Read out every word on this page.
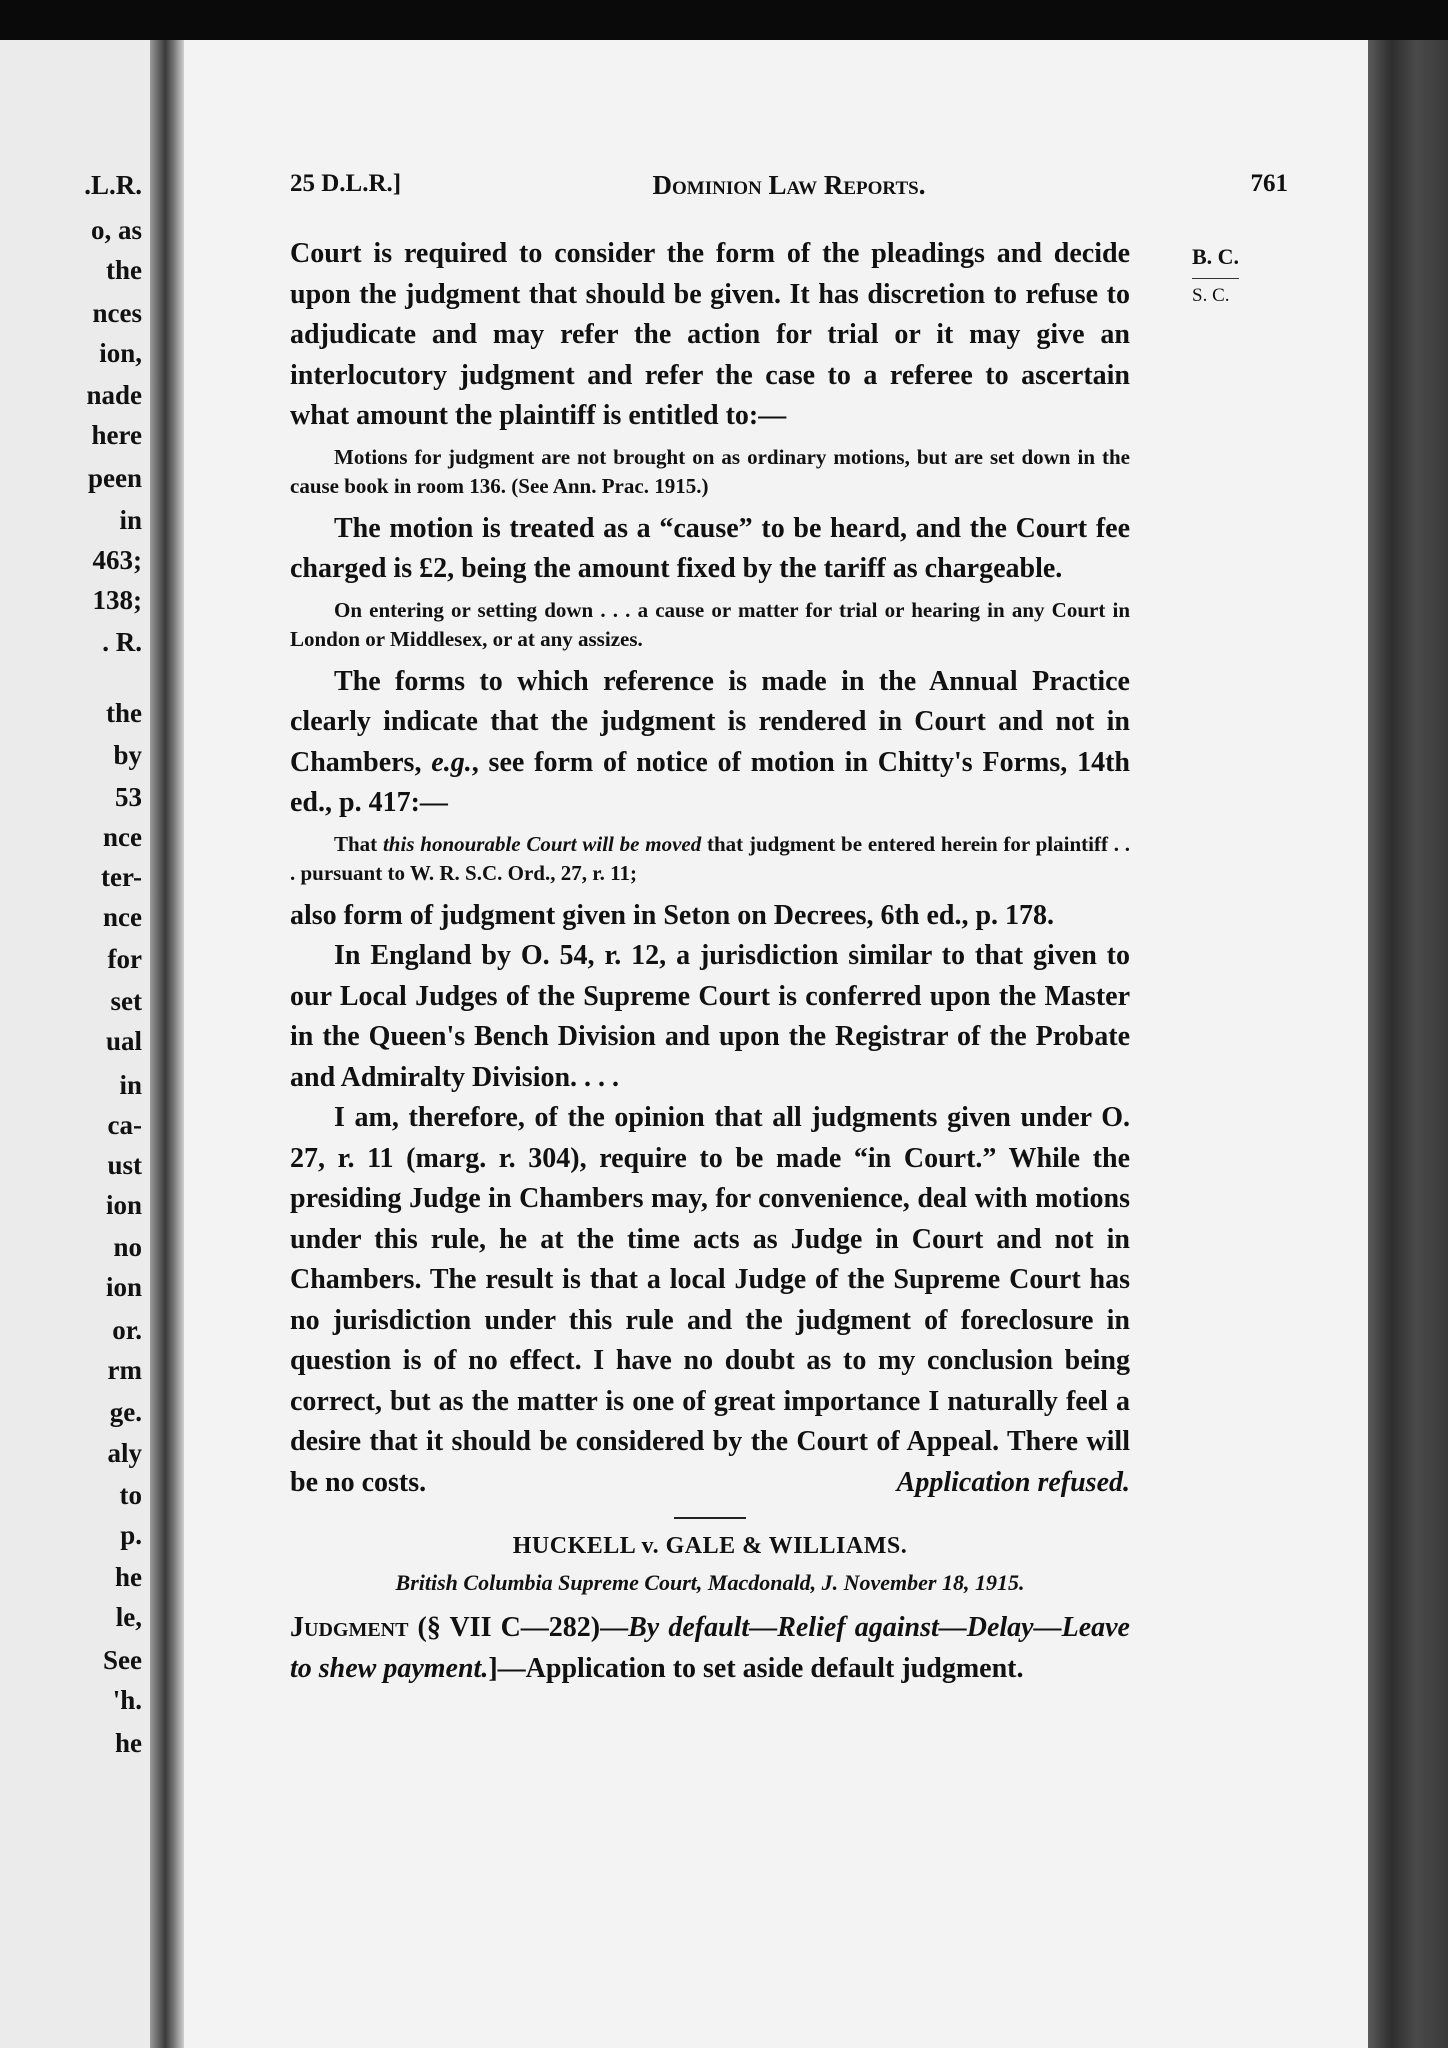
.L.R.
o, as
the
nces
ion,
nade
here
peen
in
463;
138;
. R.
the
by
53
nce
ter-
nce
for
set
ual
in
ca-
ust
ion
no
ion
or.
rm
ge.
aly
to
p.
he
le,
See
'h.
he
25 D.L.R.]	Dominion Law Reports.	761
B. C.
S. C.

Court is required to consider the form of the pleadings and decide upon the judgment that should be given. It has discretion to refuse to adjudicate and may refer the action for trial or it may give an interlocutory judgment and refer the case to a referee to ascertain what amount the plaintiff is entitled to:—

Motions for judgment are not brought on as ordinary motions, but are set down in the cause book in room 136. (See Ann. Prac. 1915.)

The motion is treated as a “cause” to be heard, and the Court fee charged is £2, being the amount fixed by the tariff as chargeable.

On entering or setting down . . . a cause or matter for trial or hearing in any Court in London or Middlesex, or at any assizes.

The forms to which reference is made in the Annual Practice clearly indicate that the judgment is rendered in Court and not in Chambers, e.g., see form of notice of motion in Chitty's Forms, 14th ed., p. 417:—

That this honourable Court will be moved that judgment be entered herein for plaintiff . . . pursuant to W. R. S.C. Ord., 27, r. 11;

also form of judgment given in Seton on Decrees, 6th ed., p. 178.

In England by O. 54, r. 12, a jurisdiction similar to that given to our Local Judges of the Supreme Court is conferred upon the Master in the Queen's Bench Division and upon the Registrar of the Probate and Admiralty Division. . . .

I am, therefore, of the opinion that all judgments given under O. 27, r. 11 (marg. r. 304), require to be made “in Court.” While the presiding Judge in Chambers may, for convenience, deal with motions under this rule, he at the time acts as Judge in Court and not in Chambers. The result is that a local Judge of the Supreme Court has no jurisdiction under this rule and the judgment of foreclosure in question is of no effect. I have no doubt as to my conclusion being correct, but as the matter is one of great importance I naturally feel a desire that it should be considered by the Court of Appeal. There will be no costs.	Application refused.

HUCKELL v. GALE & WILLIAMS.

British Columbia Supreme Court, Macdonald, J. November 18, 1915.

Judgment (§ VII C—282)—By default—Relief against—Delay—Leave to shew payment.]—Application to set aside default judgment.
